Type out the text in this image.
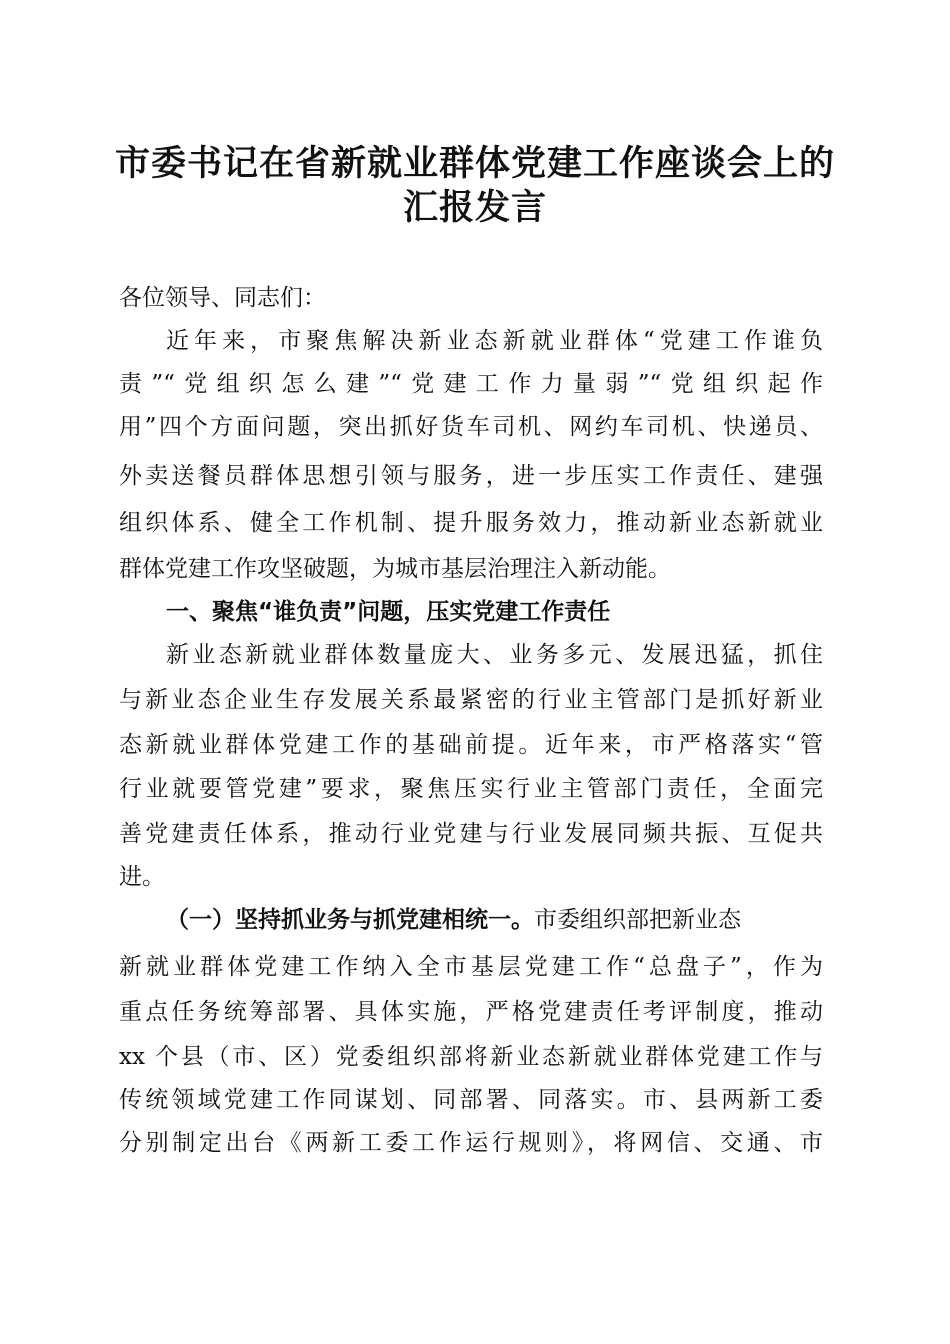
市委书记在省新就业群体党建工作座谈会上的
汇报发言
各位领导、同志们：
近年来，市聚焦解决新业态新就业群体“党建工作谁负
责”“党组织怎么建”“党建工作力量弱”“党组织起作
用”四个方面问题，突出抓好货车司机、网约车司机、快递员、
外卖送餐员群体思想引领与服务，进一步压实工作责任、建强
组织体系、健全工作机制、提升服务效力，推动新业态新就业
群体党建工作攻坚破题，为城市基层治理注入新动能。
一、聚焦“谁负责”问题，压实党建工作责任
新业态新就业群体数量庞大、业务多元、发展迅猛，抓住
与新业态企业生存发展关系最紧密的行业主管部门是抓好新业
态新就业群体党建工作的基础前提。近年来，市严格落实“管
行业就要管党建”要求，聚焦压实行业主管部门责任，全面完
善党建责任体系，推动行业党建与行业发展同频共振、互促共
进。
（一）坚持抓业务与抓党建相统一。市委组织部把新业态
新就业群体党建工作纳入全市基层党建工作“总盘子”，作为
重点任务统筹部署、具体实施，严格党建责任考评制度，推动
xx 个县（市、区）党委组织部将新业态新就业群体党建工作与
传统领域党建工作同谋划、同部署、同落实。市、县两新工委
分别制定出台《两新工委工作运行规则》，将网信、交通、市
